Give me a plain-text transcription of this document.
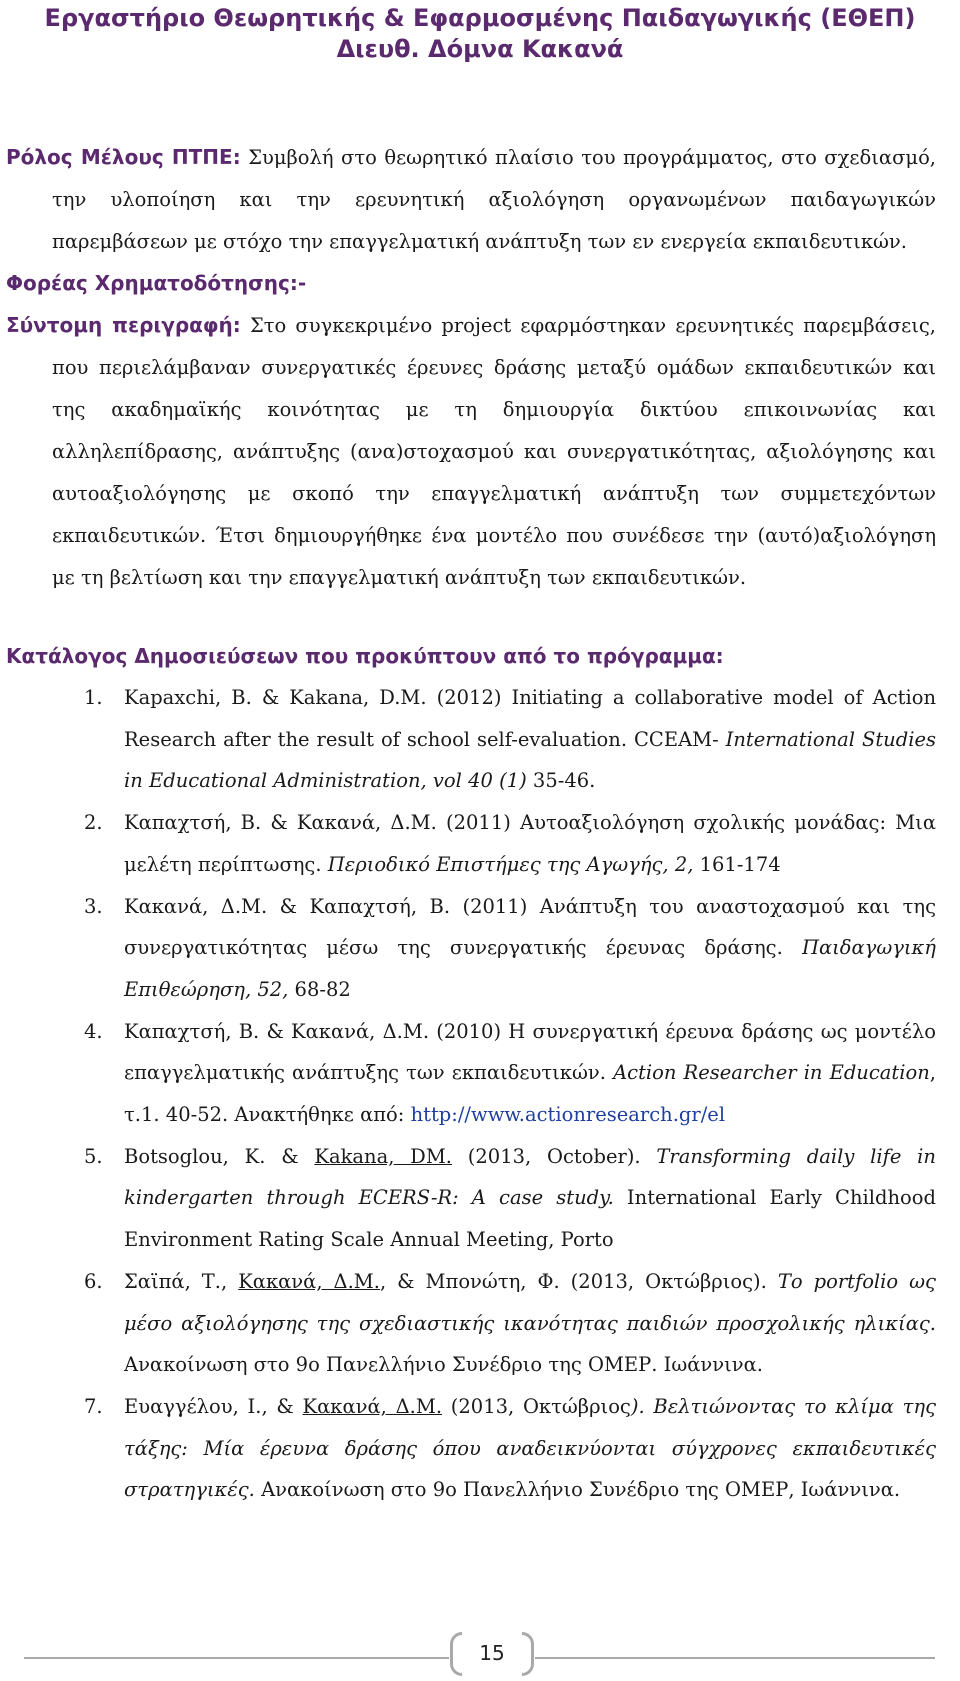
Εργαστήριο Θεωρητικής & Εφαρμοσμένης Παιδαγωγικής (ΕΘΕΠ)
Διευθ. Δόμνα Κακανά
Ρόλος Μέλους ΠΤΠΕ: Συμβολή στο θεωρητικό πλαίσιο του προγράμματος, στο σχεδιασμό, την υλοποίηση και την ερευνητική αξιολόγηση οργανωμένων παιδαγωγικών παρεμβάσεων με στόχο την επαγγελματική ανάπτυξη των εν ενεργεία εκπαιδευτικών.
Φορέας Χρηματοδότησης:-
Σύντομη περιγραφή: Στο συγκεκριμένο project εφαρμόστηκαν ερευνητικές παρεμβάσεις, που περιελάμβαναν συνεργατικές έρευνες δράσης μεταξύ ομάδων εκπαιδευτικών και της ακαδημαϊκής κοινότητας με τη δημιουργία δικτύου επικοινωνίας και αλληλεπίδρασης, ανάπτυξης (ανα)στοχασμού και συνεργατικότητας, αξιολόγησης και αυτοαξιολόγησης με σκοπό την επαγγελματική ανάπτυξη των συμμετεχόντων εκπαιδευτικών. Έτσι δημιουργήθηκε ένα μοντέλο που συνέδεσε την (αυτό)αξιολόγηση με τη βελτίωση και την επαγγελματική ανάπτυξη των εκπαιδευτικών.
Κατάλογος Δημοσιεύσεων που προκύπτουν από το πρόγραμμα:
1. Kapaxchi, B. & Kakana, D.M. (2012) Initiating a collaborative model of Action Research after the result of school self-evaluation. CCEAM- International Studies in Educational Administration, vol 40 (1) 35-46.
2. Καπαχτσή, Β. & Κακανά, Δ.Μ. (2011) Αυτοαξιολόγηση σχολικής μονάδας: Μια μελέτη περίπτωσης. Περιοδικό Επιστήμες της Αγωγής, 2, 161-174
3. Κακανά, Δ.Μ. & Καπαχτσή, Β. (2011) Ανάπτυξη του αναστοχασμού και της συνεργατικότητας μέσω της συνεργατικής έρευνας δράσης. Παιδαγωγική Επιθεώρηση, 52, 68-82
4. Καπαχτσή, Β. & Κακανά, Δ.Μ. (2010) Η συνεργατική έρευνα δράσης ως μοντέλο επαγγελματικής ανάπτυξης των εκπαιδευτικών. Action Researcher in Education, τ.1. 40-52. Ανακτήθηκε από: http://www.actionresearch.gr/el
5. Botsoglou, K. & Kakana, DM. (2013, October). Transforming daily life in kindergarten through ECERS-R: A case study. International Early Childhood Environment Rating Scale Annual Meeting, Porto
6. Σαϊπά, Τ., Κακανά, Δ.Μ., & Μπονώτη, Φ. (2013, Οκτώβριος). Το portfolio ως μέσο αξιολόγησης της σχεδιαστικής ικανότητας παιδιών προσχολικής ηλικίας. Ανακοίνωση στο 9ο Πανελλήνιο Συνέδριο της ΟΜΕΡ. Ιωάννινα.
7. Ευαγγέλου, Ι., & Κακανά, Δ.Μ. (2013, Οκτώβριος). Βελτιώνοντας το κλίμα της τάξης: Μία έρευνα δράσης όπου αναδεικνύονται σύγχρονες εκπαιδευτικές στρατηγικές. Ανακοίνωση στο 9ο Πανελλήνιο Συνέδριο της ΟΜΕΡ, Ιωάννινα.
15
